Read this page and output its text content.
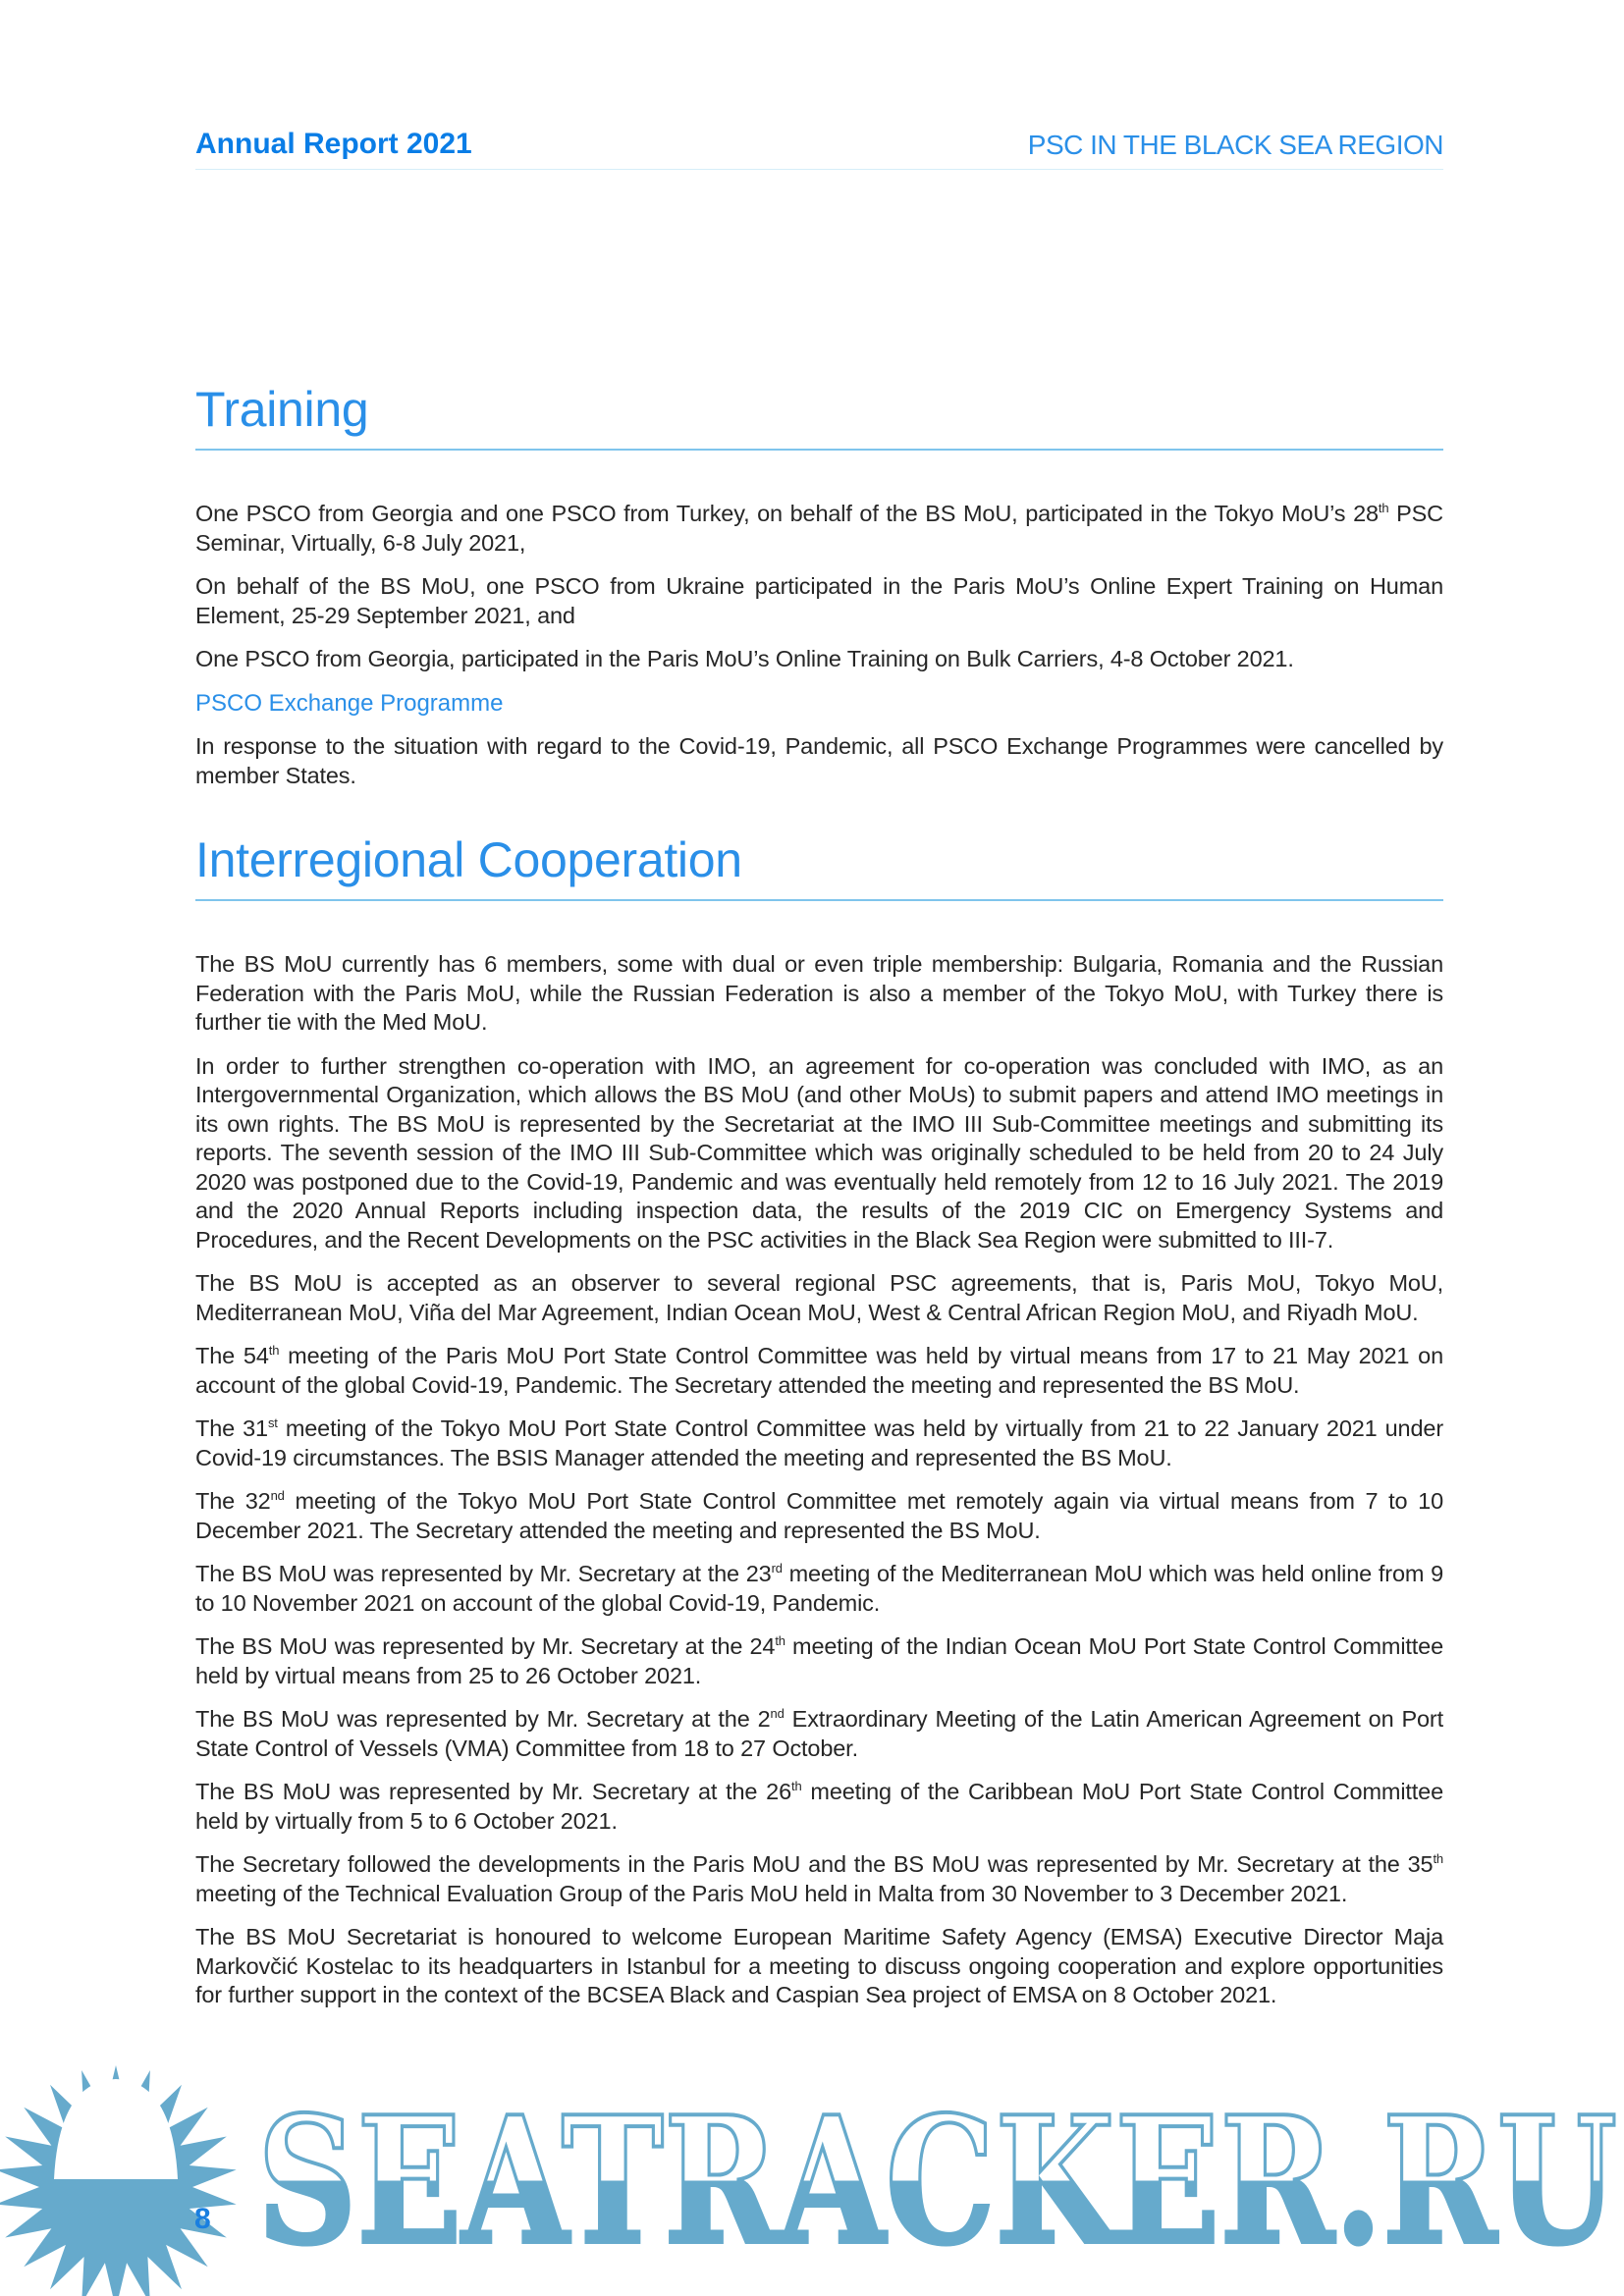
Annual Report 2021	PSC IN THE BLACK SEA REGION
Training

One PSCO from Georgia and one PSCO from Turkey, on behalf of the BS MoU, participated in the Tokyo MoU’s 28th PSC Seminar, Virtually, 6-8 July 2021,

On behalf of the BS MoU, one PSCO from Ukraine participated in the Paris MoU’s Online Expert Training on Human Element, 25-29 September 2021, and

One PSCO from Georgia, participated in the Paris MoU’s Online Training on Bulk Carriers, 4-8 October 2021.

PSCO Exchange Programme

In response to the situation with regard to the Covid-19, Pandemic, all PSCO Exchange Programmes were cancelled by member States.

Interregional Cooperation

The BS MoU currently has 6 members, some with dual or even triple membership: Bulgaria, Romania and the Russian Federation with the Paris MoU, while the Russian Federation is also a member of the Tokyo MoU, with Turkey there is further tie with the Med MoU.

In order to further strengthen co-operation with IMO, an agreement for co-operation was concluded with IMO, as an Intergovernmental Organization, which allows the BS MoU (and other MoUs) to submit papers and attend IMO meetings in its own rights. The BS MoU is represented by the Secretariat at the IMO III Sub-Committee meetings and submitting its reports. The seventh session of the IMO III Sub-Committee which was originally scheduled to be held from 20 to 24 July 2020 was postponed due to the Covid-19, Pandemic and was eventually held remotely from 12 to 16 July 2021. The 2019 and the 2020 Annual Reports including inspection data, the results of the 2019 CIC on Emergency Systems and Procedures, and the Recent Developments on the PSC activities in the Black Sea Region were submitted to III-7.

The BS MoU is accepted as an observer to several regional PSC agreements, that is, Paris MoU, Tokyo MoU, Mediterranean MoU, Viña del Mar Agreement, Indian Ocean MoU, West & Central African Region MoU, and Riyadh MoU.

The 54th meeting of the Paris MoU Port State Control Committee was held by virtual means from 17 to 21 May 2021 on account of the global Covid-19, Pandemic. The Secretary attended the meeting and represented the BS MoU.

The 31st meeting of the Tokyo MoU Port State Control Committee was held by virtually from 21 to 22 January 2021 under Covid-19 circumstances. The BSIS Manager attended the meeting and represented the BS MoU.

The 32nd meeting of the Tokyo MoU Port State Control Committee met remotely again via virtual means from 7 to 10 December 2021. The Secretary attended the meeting and represented the BS MoU.

The BS MoU was represented by Mr. Secretary at the 23rd meeting of the Mediterranean MoU which was held online from 9 to 10 November 2021 on account of the global Covid-19, Pandemic.

The BS MoU was represented by Mr. Secretary at the 24th meeting of the Indian Ocean MoU Port State Control Committee held by virtual means from 25 to 26 October 2021.

The BS MoU was represented by Mr. Secretary at the 2nd Extraordinary Meeting of the Latin American Agreement on Port State Control of Vessels (VMA) Committee from 18 to 27 October.

The BS MoU was represented by Mr. Secretary at the 26th meeting of the Caribbean MoU Port State Control Committee held by virtually from 5 to 6 October 2021.

The Secretary followed the developments in the Paris MoU and the BS MoU was represented by Mr. Secretary at the 35th meeting of the Technical Evaluation Group of the Paris MoU held in Malta from 30 November to 3 December 2021.

The BS MoU Secretariat is honoured to welcome European Maritime Safety Agency (EMSA) Executive Director Maja Markovčić Kostelac to its headquarters in Istanbul for a meeting to discuss ongoing cooperation and explore opportunities for further support in the context of the BCSEA Black and Caspian Sea project of EMSA on 8 October 2021.

SEATRACKER.RU
8
